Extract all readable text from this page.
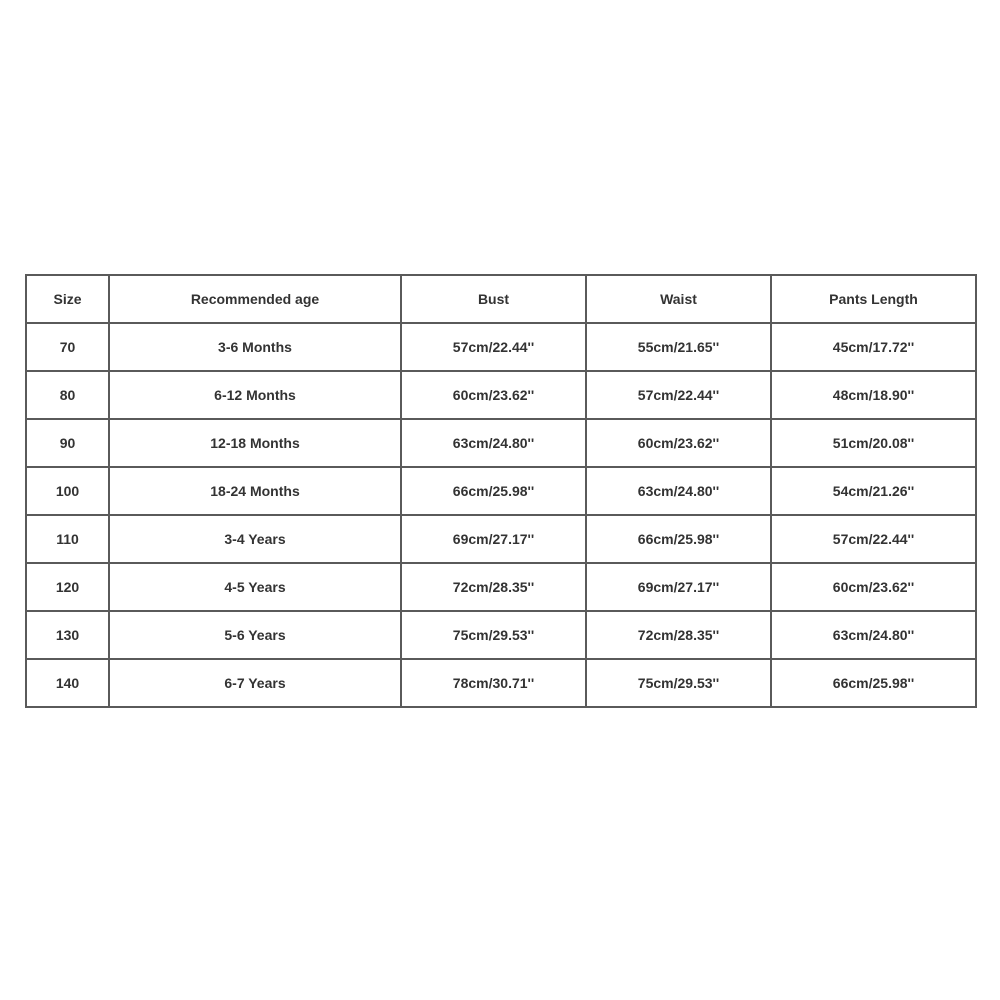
Size	Recommended age	Bust	Waist	Pants Length
70	3-6 Months	57cm/22.44''	55cm/21.65''	45cm/17.72''
80	6-12 Months	60cm/23.62''	57cm/22.44''	48cm/18.90''
90	12-18 Months	63cm/24.80''	60cm/23.62''	51cm/20.08''
100	18-24 Months	66cm/25.98''	63cm/24.80''	54cm/21.26''
110	3-4 Years	69cm/27.17''	66cm/25.98''	57cm/22.44''
120	4-5 Years	72cm/28.35''	69cm/27.17''	60cm/23.62''
130	5-6 Years	75cm/29.53''	72cm/28.35''	63cm/24.80''
140	6-7 Years	78cm/30.71''	75cm/29.53''	66cm/25.98''
